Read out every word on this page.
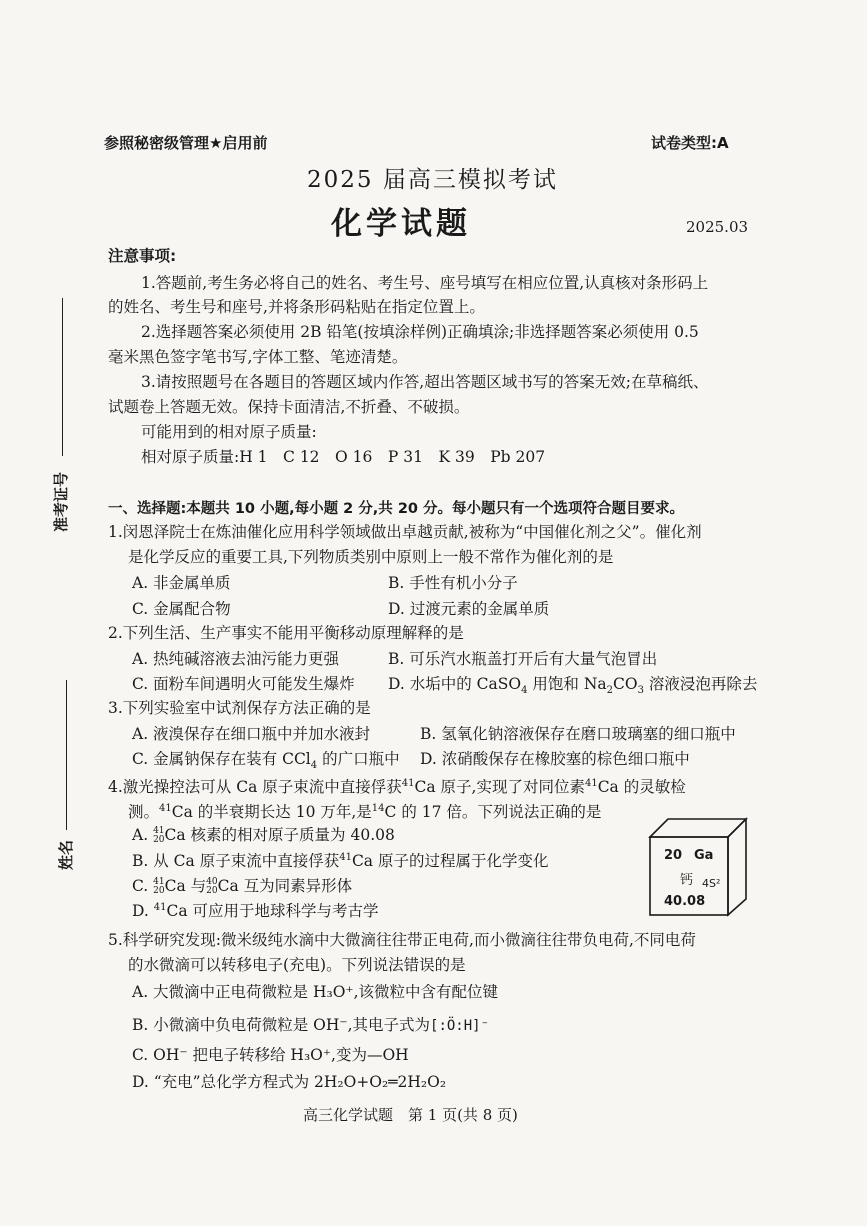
参照秘密级管理★启用前	试卷类型:A
2025 届高三模拟考试
化学试题	2025.03
准考证号
姓名
注意事项:
1.答题前,考生务必将自己的姓名、考生号、座号填写在相应位置,认真核对条形码上
的姓名、考生号和座号,并将条形码粘贴在指定位置上。
2.选择题答案必须使用 2B 铅笔(按填涂样例)正确填涂;非选择题答案必须使用 0.5
毫米黑色签字笔书写,字体工整、笔迹清楚。
3.请按照题号在各题目的答题区域内作答,超出答题区域书写的答案无效;在草稿纸、
试题卷上答题无效。保持卡面清洁,不折叠、不破损。
可能用到的相对原子质量:
相对原子质量:H 1　C 12　O 16　P 31　K 39　Pb 207
一、选择题:本题共 10 小题,每小题 2 分,共 20 分。每小题只有一个选项符合题目要求。
1.闵恩泽院士在炼油催化应用科学领域做出卓越贡献,被称为“中国催化剂之父”。催化剂
是化学反应的重要工具,下列物质类别中原则上一般不常作为催化剂的是
A. 非金属单质	B. 手性有机小分子
C. 金属配合物	D. 过渡元素的金属单质
2.下列生活、生产事实不能用平衡移动原理解释的是
A. 热纯碱溶液去油污能力更强	B. 可乐汽水瓶盖打开后有大量气泡冒出
C. 面粉车间遇明火可能发生爆炸 D. 水垢中的 CaSO$_4$ 用饱和 $Na_2CO_3$ 溶液浸泡再除去
3.下列实验室中试剂保存方法正确的是
A. 液溴保存在细口瓶中并加水液封	B. 氢氧化钠溶液保存在磨口玻璃塞的细口瓶中
C. 金属钠保存在装有 CCl$_4$ 的广口瓶中 D. 浓硝酸保存在橡胶塞的棕色细口瓶中
4.激光操控法可从 Ca 原子束流中直接俘获$^{41}$Ca 原子,实现了对同位素$^{41}$Ca 的灵敏检
测。$^{41}$Ca 的半衰期长达 10 万年,是$^{14}$C 的 17 倍。下列说法正确的是
A. 41
20 Ca 核素的相对原子质量为 40.08
B. 从 Ca 原子束流中直接俘获$^{41}$Ca 原子的过程属于化学变化
C. 41
20 Ca 与 40
20 Ca 互为同素异形体
D. $^{41}$Ca 可应用于地球科学与考古学
20 Ga
钙 4S²
40.08
5.科学研究发现:微米级纯水滴中大微滴往往带正电荷,而小微滴往往带负电荷,不同电荷
的水微滴可以转移电子(充电)。下列说法错误的是
A. 大微滴中正电荷微粒是 H₃O⁺,该微粒中含有配位键
B. 小微滴中负电荷微粒是 OH⁻,其电子式为[:Ö:H]⁻
C. OH⁻ 把电子转移给 H₃O⁺,变为—OH
D. “充电”总化学方程式为 2H₂O+O₂═2H₂O₂
高三化学试题　第 1 页(共 8 页)
